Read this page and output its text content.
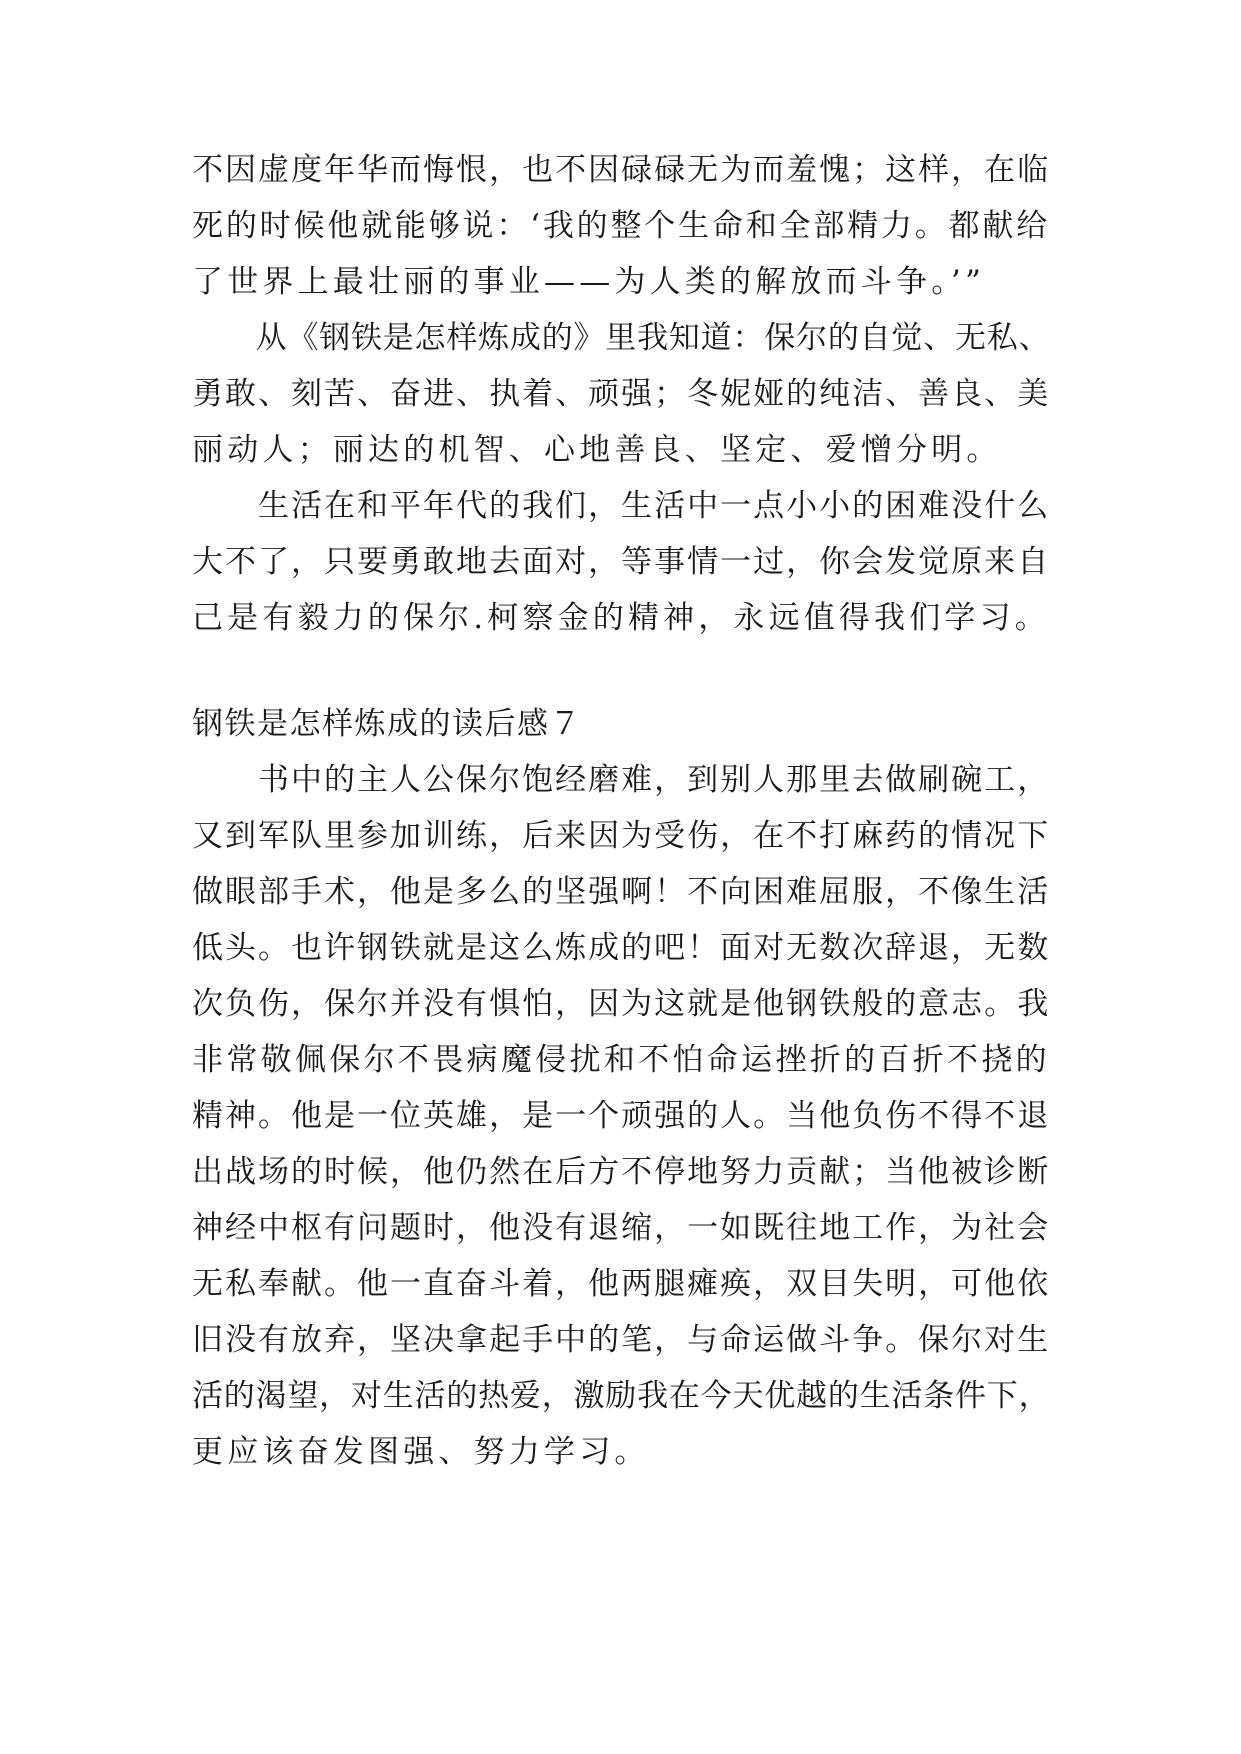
不因虚度年华而悔恨，也不因碌碌无为而羞愧；这样，在临
死的时候他就能够说：‘我的整个生命和全部精力。都献给
了世界上最壮丽的事业——为人类的解放而斗争。’”
　　从《钢铁是怎样炼成的》里我知道：保尔的自觉、无私、
勇敢、刻苦、奋进、执着、顽强；冬妮娅的纯洁、善良、美
丽动人；丽达的机智、心地善良、坚定、爱憎分明。
　　生活在和平年代的我们，生活中一点小小的困难没什么
大不了，只要勇敢地去面对，等事情一过，你会发觉原来自
己是有毅力的保尔.柯察金的精神，永远值得我们学习。
钢铁是怎样炼成的读后感７
　　书中的主人公保尔饱经磨难，到别人那里去做刷碗工，
又到军队里参加训练，后来因为受伤，在不打麻药的情况下
做眼部手术，他是多么的坚强啊！不向困难屈服，不像生活
低头。也许钢铁就是这么炼成的吧！面对无数次辞退，无数
次负伤，保尔并没有惧怕，因为这就是他钢铁般的意志。我
非常敬佩保尔不畏病魔侵扰和不怕命运挫折的百折不挠的
精神。他是一位英雄，是一个顽强的人。当他负伤不得不退
出战场的时候，他仍然在后方不停地努力贡献；当他被诊断
神经中枢有问题时，他没有退缩，一如既往地工作，为社会
无私奉献。他一直奋斗着，他两腿瘫痪，双目失明，可他依
旧没有放弃，坚决拿起手中的笔，与命运做斗争。保尔对生
活的渴望，对生活的热爱，激励我在今天优越的生活条件下，
更应该奋发图强、努力学习。
